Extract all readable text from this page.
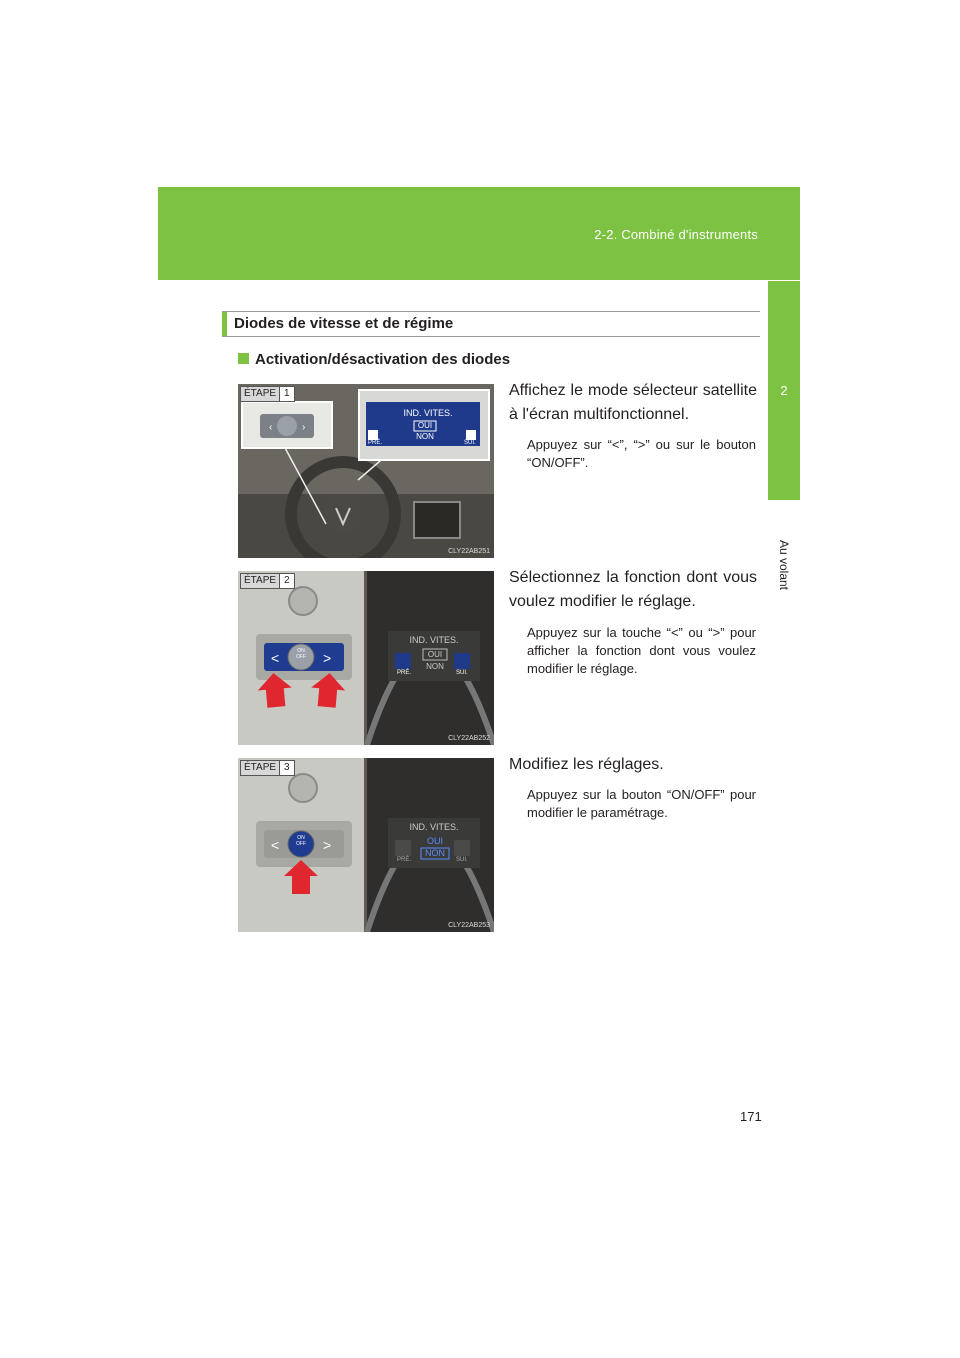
2-2. Combiné d'instruments
2
Au volant
Diodes de vitesse et de régime
Activation/désactivation des diodes
‹	›
ÉTAPE 1
IND. VITES.
OUI
NON
PRÉ.	SUI.
CLY22AB251
Affichez le mode sélecteur satellite à l'écran multifonctionnel.
Appuyez sur “<”, “>” ou sur le bouton “ON/OFF”.
<	>
ÉTAPE 2
IND. VITES.
OUI
NON
PRÉ.	SUI.
ON
OFF
CLY22AB252
Sélectionnez la fonction dont vous voulez modifier le réglage.
Appuyez sur la touche “<” ou “>” pour afficher la fonction dont vous voulez modifier le réglage.
<	>
ÉTAPE 3
IND. VITES.
OUI
NON
PRÉ.	SUI.
ON
OFF
CLY22AB253
Modifiez les réglages.
Appuyez sur la bouton “ON/OFF” pour modifier le paramétrage.
171
